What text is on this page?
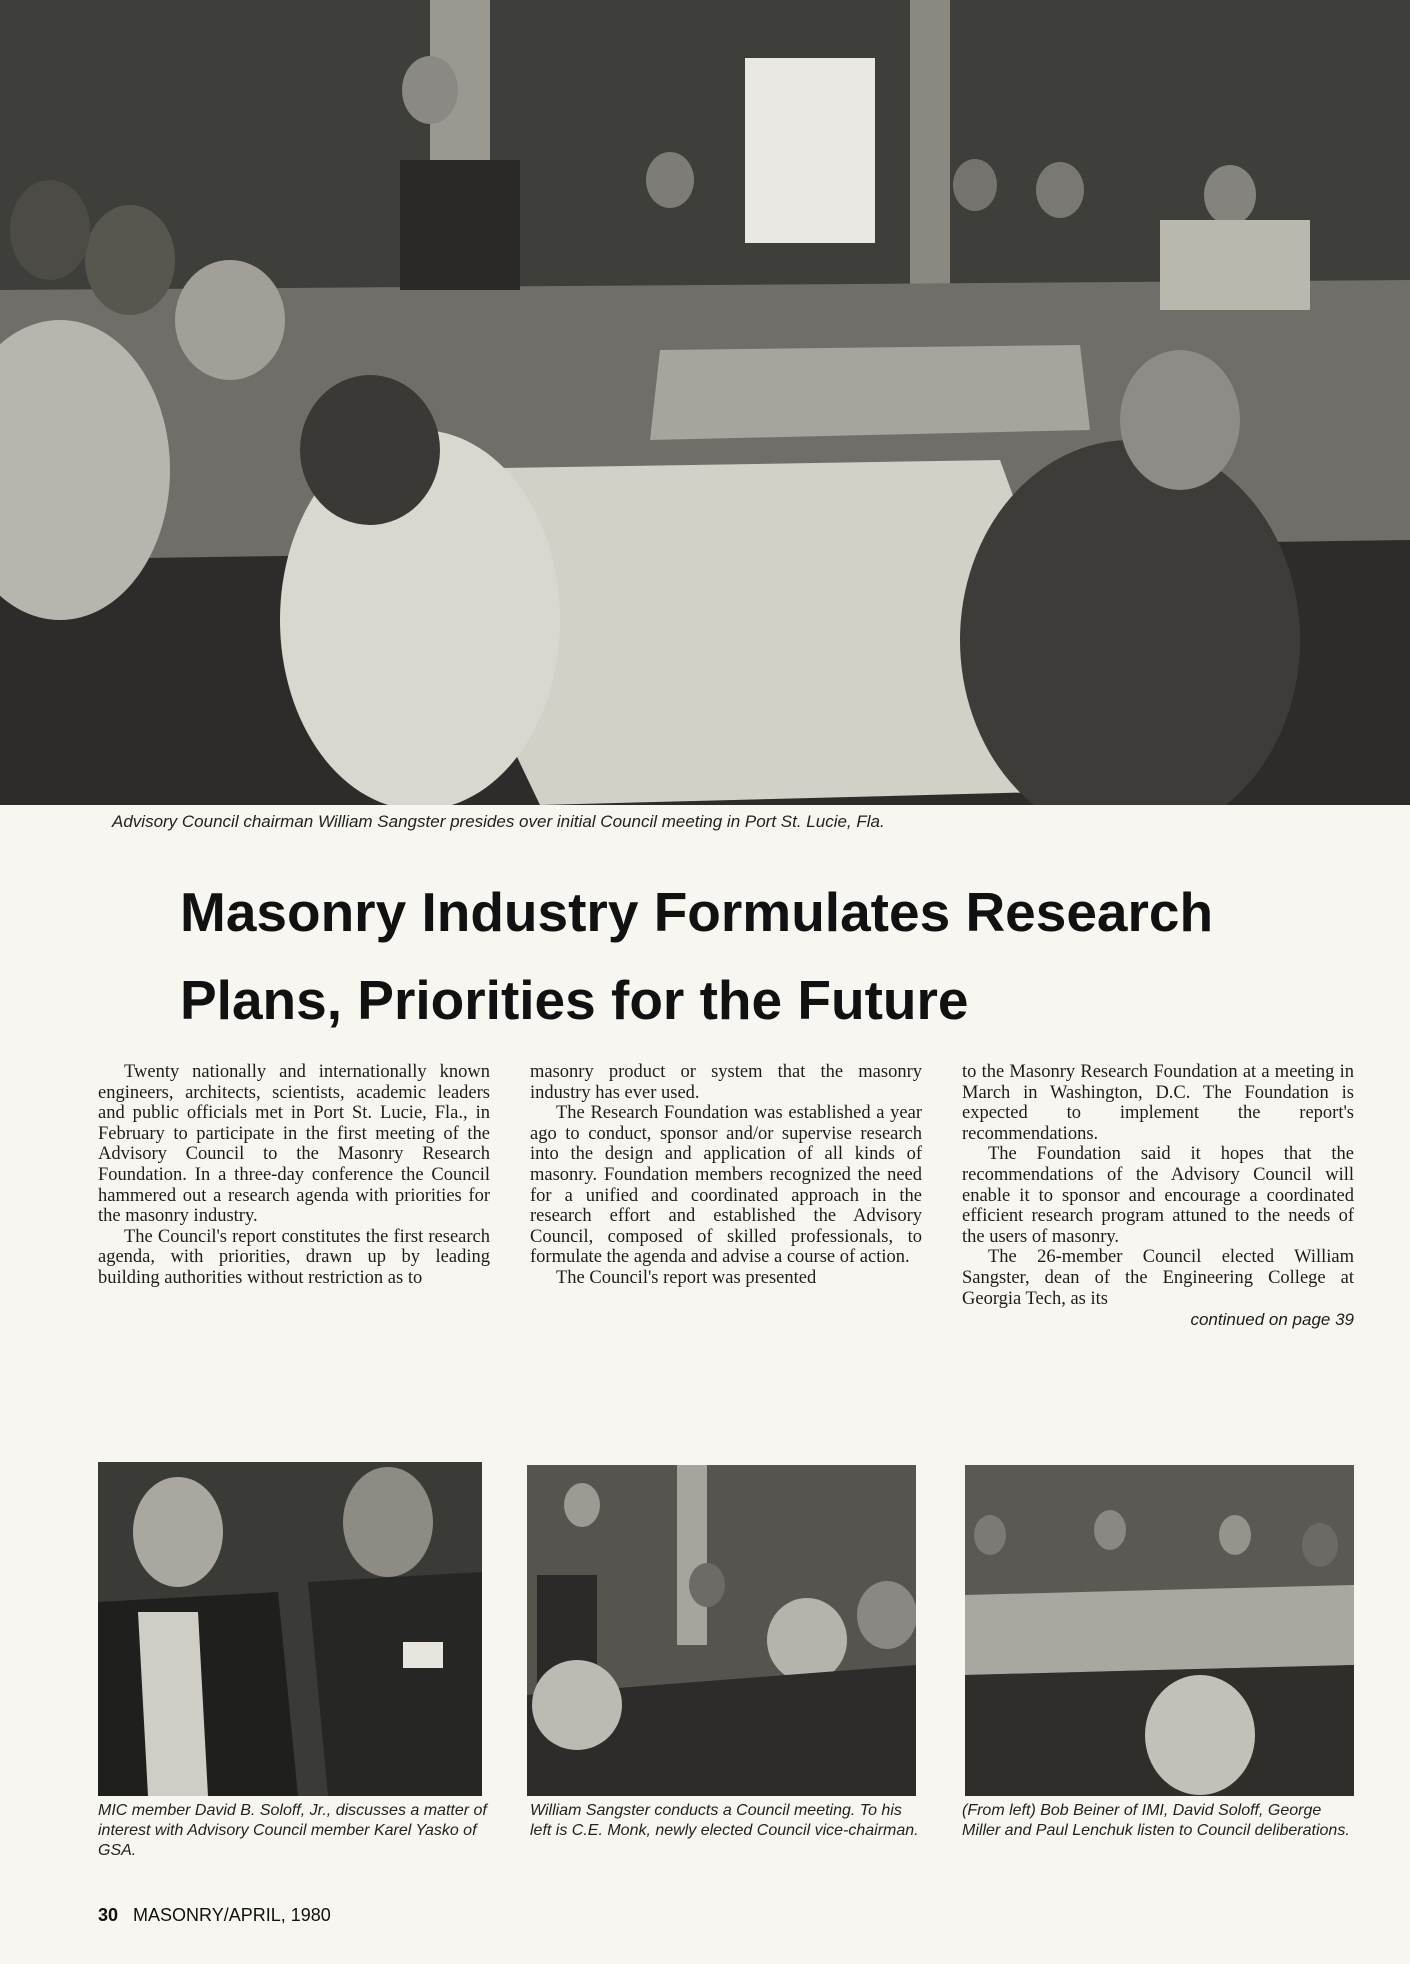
Advisory Council chairman William Sangster presides over initial Council meeting in Port St. Lucie, Fla.
Masonry Industry Formulates Research
Plans, Priorities for the Future

Twenty nationally and internationally known engineers, architects, scientists, academic leaders and public officials met in Port St. Lucie, Fla., in February to participate in the first meeting of the Advisory Council to the Masonry Research Foundation. In a three-day conference the Council hammered out a research agenda with priorities for the masonry industry.

The Council's report constitutes the first research agenda, with priorities, drawn up by leading building authorities without restriction as to

masonry product or system that the masonry industry has ever used.

The Research Foundation was established a year ago to conduct, sponsor and/or supervise research into the design and application of all kinds of masonry. Foundation members recognized the need for a unified and coordinated approach in the research effort and established the Advisory Council, composed of skilled professionals, to formulate the agenda and advise a course of action.

The Council's report was presented

to the Masonry Research Foundation at a meeting in March in Washington, D.C. The Foundation is expected to implement the report's recommendations.

The Foundation said it hopes that the recommendations of the Advisory Council will enable it to sponsor and encourage a coordinated efficient research program attuned to the needs of the users of masonry.

The 26-member Council elected William Sangster, dean of the Engineering College at Georgia Tech, as its

continued on page 39
MIC member David B. Soloff, Jr., discusses a matter of interest with Advisory Council member Karel Yasko of GSA.
William Sangster conducts a Council meeting. To his left is C.E. Monk, newly elected Council vice-chairman.
(From left) Bob Beiner of IMI, David Soloff, George Miller and Paul Lenchuk listen to Council deliberations.
30 MASONRY/APRIL, 1980
